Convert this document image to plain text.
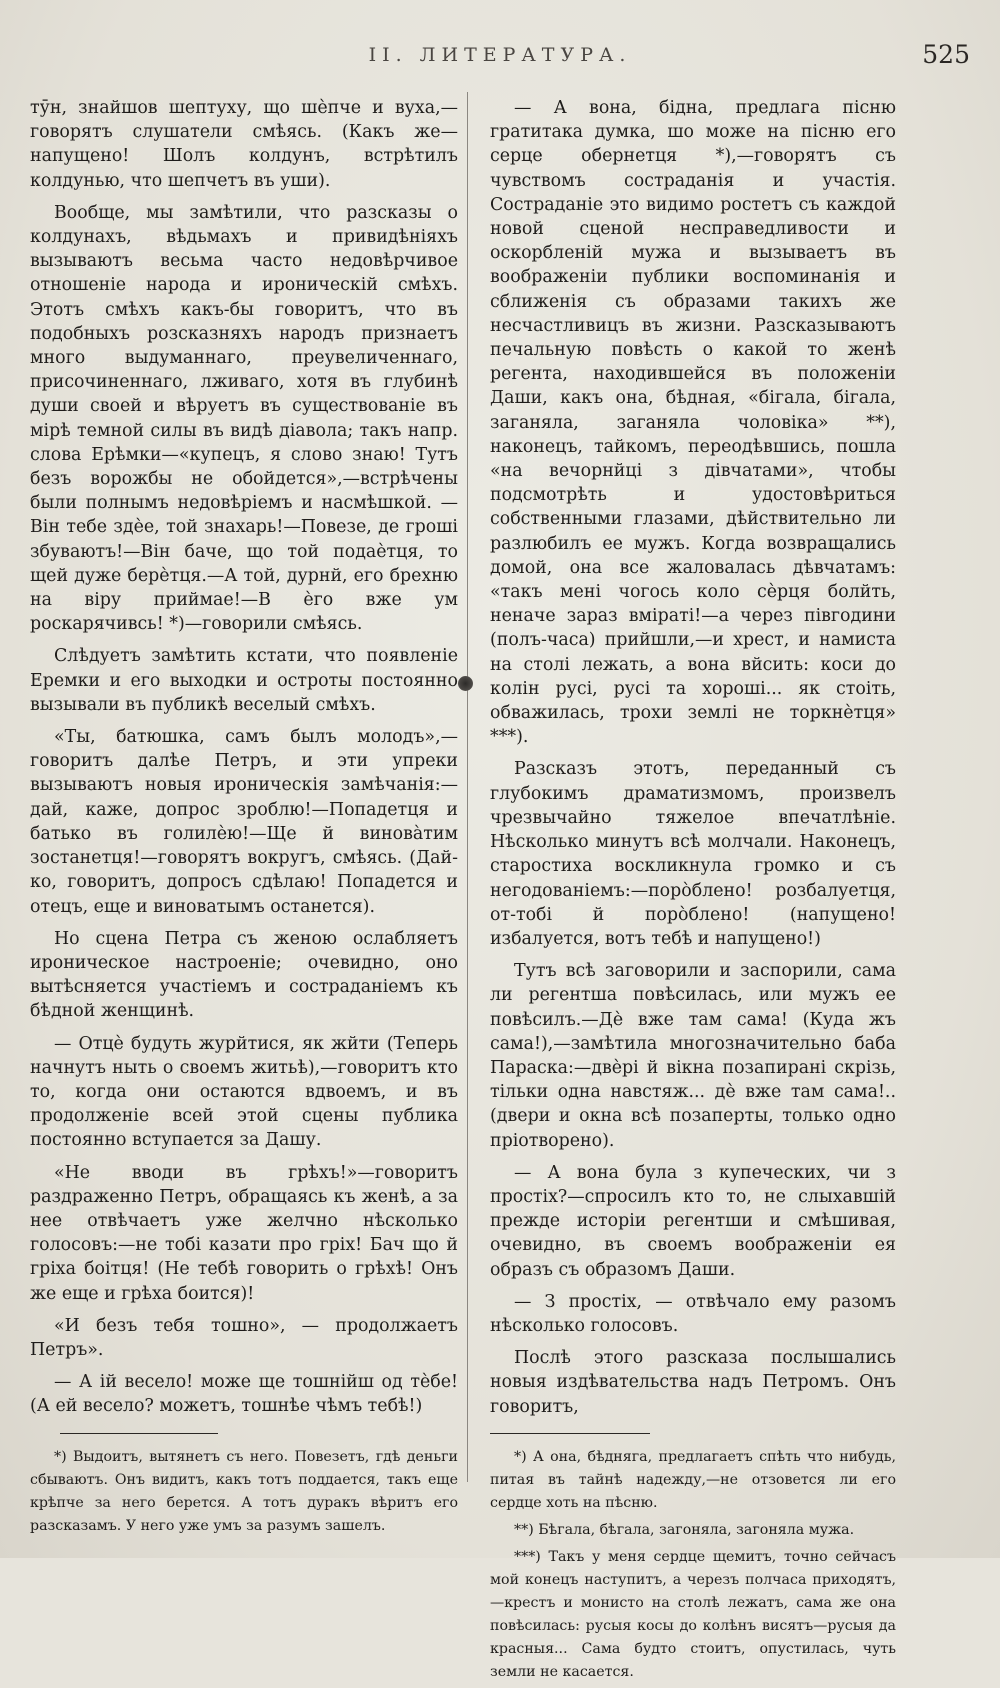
II. ЛИТЕРАТУРА.	525

тӯн, знайшов шептуху, що шѐпче и вуха,—говорятъ слушатели смѣясь. (Какъ же—напущено! Шолъ колдунъ, встрѣтилъ колдунью, что шепчетъ въ уши).

Вообще, мы замѣтили, что разсказы о колдунахъ, вѣдьмахъ и привидѣніяхъ вызываютъ весьма часто недовѣрчивое отношеніе народа и ироническій смѣхъ. Этотъ смѣхъ какъ-бы говоритъ, что въ подобныхъ розсказняхъ народъ признаетъ много выдуманнаго, преувеличеннаго, присочиненнаго, лживаго, хотя въ глубинѣ души своей и вѣруетъ въ существованіе въ мірѣ темной силы въ видѣ діавола; такъ напр. слова Ерѣмки—«купецъ, я слово знаю! Тутъ безъ ворожбы не обойдется»,—встрѣчены были полнымъ недовѣріемъ и насмѣшкой. — Він тебе здѐе, той знахарь!—Повезе, де грошi збуваютъ!—Він баче, що той подаѐтця, то щей дуже берѐтця.—А той, дурнй, его брехню на віру приймае!—В ѐго вже ум роскарячивсь! *)—говорили смѣясь.

Слѣдуетъ замѣтить кстати, что появленіе Еремки и его выходки и остроты постоянно вызывали въ публикѣ веселый смѣхъ.

«Ты, батюшка, самъ былъ молодъ»,—говоритъ далѣе Петръ, и эти упреки вызываютъ новыя ироническія замѣчанія:—дай, каже, допрос зроблю!—Попадетця и батько въ голилѐю!—Ще й виновàтим зостанетця!—говорятъ вокругъ, смѣясь. (Дай-ко, говоритъ, допросъ сдѣлаю! Попадется и отецъ, еще и виноватымъ останется).

Но сцена Петра съ женою ослабляетъ ироническое настроеніе; очевидно, оно вытѣсняется участіемъ и состраданіемъ къ бѣдной женщинѣ.

— Отцѐ будуть журйтися, як жйти (Теперь начнутъ ныть о своемъ житьѣ),—говоритъ кто то, когда они остаются вдвоемъ, и въ продолженіе всей этой сцены публика постоянно вступается за Дашу.

«Не вводи въ грѣхъ!»—говоритъ раздраженно Петръ, обращаясь къ женѣ, а за нее отвѣчаетъ уже желчно нѣсколько голосовъ:—не тобі казати про гріх! Бач що й гріха боітця! (Не тебѣ говорить о грѣхѣ! Онъ же еще и грѣха боится)!

«И безъ тебя тошно», — продолжаетъ Петръ».

— А ій весело! може ще тошнійш од тѐбе! (А ей весело? можетъ, тошнѣе чѣмъ тебѣ!)

*) Выдоитъ, вытянетъ съ него. Повезетъ, гдѣ деньги сбываютъ. Онъ видитъ, какъ тотъ поддается, такъ еще крѣпче за него берется. А тотъ дуракъ вѣритъ его разсказамъ. У него уже умъ за разумъ зашелъ.

— А вона, бідна, предлага пісню гратитака думка, шо може на пісню его серце обернетця *),—говорятъ съ чувствомъ состраданія и участія. Состраданіе это видимо ростетъ съ каждой новой сценой несправедливости и оскорбленій мужа и вызываетъ въ воображеніи публики воспоминанія и сближенія съ образами такихъ же несчастливицъ въ жизни. Разсказываютъ печальную повѣсть о какой то женѣ регента, находившейся въ положеніи Даши, какъ она, бѣдная, «бігала, бігала, заганяла, заганяла чоловіка» **), наконецъ, тайкомъ, переодѣвшись, пошла «на вечорнйці з дівчатами», чтобы подсмотрѣть и удостовѣриться собственными глазами, дѣйствительно ли разлюбилъ ее мужъ. Когда возвращались домой, она все жаловалась дѣвчатамъ: «такъ мені чогось коло сѐрця болйть, неначе зараз вміраті!—а через півгодини (полъ-часа) прийшли,—и хрест, и намиста на столі лежать, а вона вйсить: коси до колін русі, русі та хорошi... як стоіть, обважилась, трохи землі не торкнѐтця» ***).

Разсказъ этотъ, переданный съ глубокимъ драматизмомъ, произвелъ чрезвычайно тяжелое впечатлѣніе. Нѣсколько минутъ всѣ молчали. Наконецъ, старостиха воскликнула громко и съ негодованіемъ:—порòблено! розбалуетця, от-тобі й порòблено! (напущено! избалуется, вотъ тебѣ и напущено!)

Тутъ всѣ заговорили и заспорили, сама ли регентша повѣсилась, или мужъ ее повѣсилъ.—Дѐ вже там сама! (Куда жъ сама!),—замѣтила многозначительно баба Параска:—двѐрі й вікна позапирані скрізь, тільки одна навстяж... дѐ вже там сама!.. (двери и окна всѣ позаперты, только одно пріотворено).

— А вона була з купеческих, чи з простіх?—спросилъ кто то, не слыхавшій прежде исторіи регентши и смѣшивая, очевидно, въ своемъ воображеніи ея образъ съ образомъ Даши.

— З простіх, — отвѣчало ему разомъ нѣсколько голосовъ.

Послѣ этого разсказа послышались новыя издѣвательства надъ Петромъ. Онъ говоритъ,

*) А она, бѣдняга, предлагаетъ спѣть что нибудь, питая въ тайнѣ надежду,—не отзовется ли его сердце хоть на пѣсню.

**) Бѣгала, бѣгала, загоняла, загоняла мужа.

***) Такъ у меня сердце щемитъ, точно сейчасъ мой конецъ наступитъ, а черезъ полчаса приходятъ,—крестъ и монисто на столѣ лежатъ, сама же она повѣсилась: русыя косы до колѣнъ висятъ—русыя да красныя... Сама будто стоитъ, опустилась, чуть земли не касается.
